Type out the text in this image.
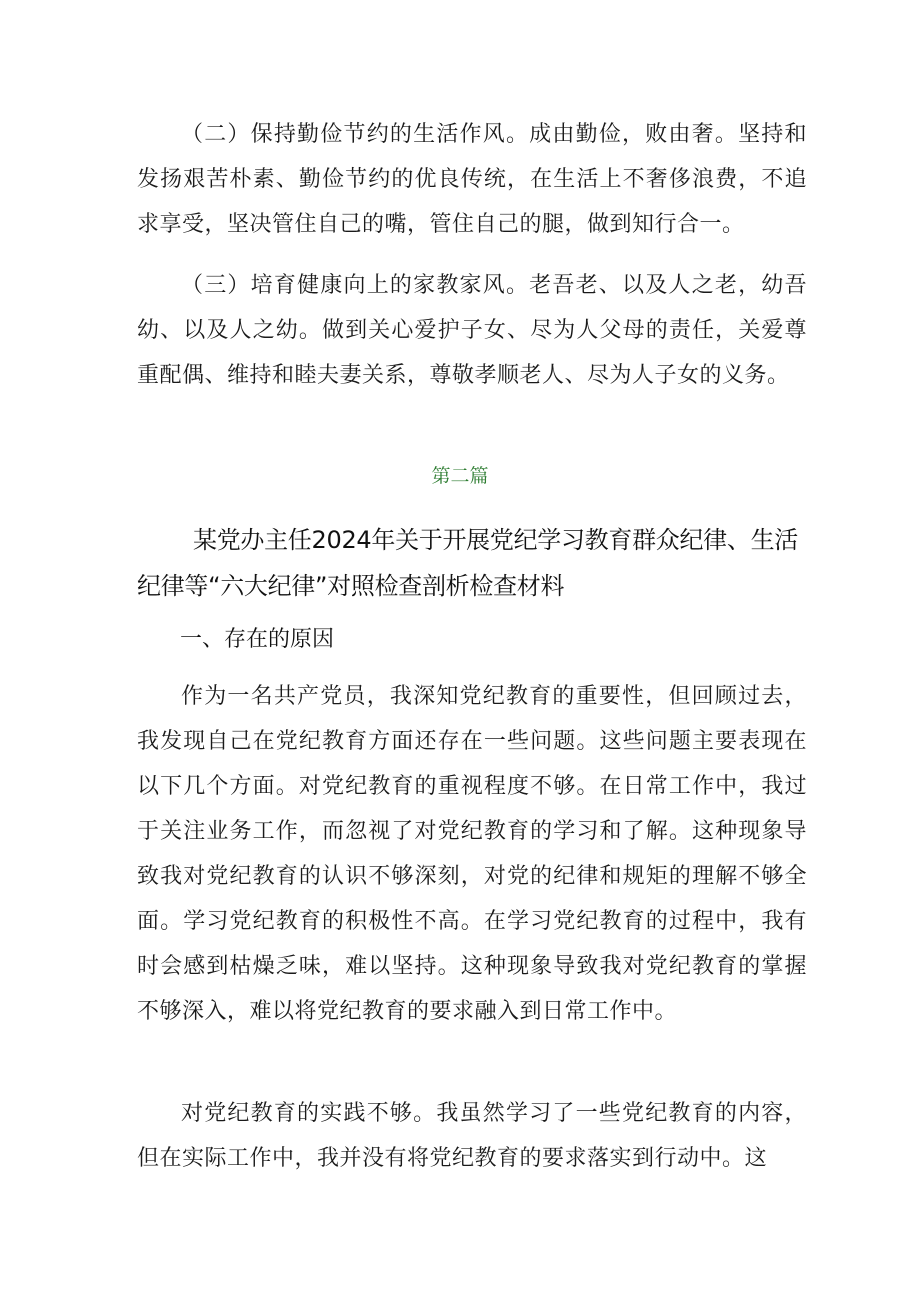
（二）保持勤俭节约的生活作风。成由勤俭，败由奢。坚持和发扬艰苦朴素、勤俭节约的优良传统，在生活上不奢侈浪费，不追求享受，坚决管住自己的嘴，管住自己的腿，做到知行合一。

（三）培育健康向上的家教家风。老吾老、以及人之老，幼吾幼、以及人之幼。做到关心爱护子女、尽为人父母的责任，关爱尊重配偶、维持和睦夫妻关系，尊敬孝顺老人、尽为人子女的义务。

第二篇

某党办主任2024年关于开展党纪学习教育群众纪律、生活纪律等“六大纪律”对照检查剖析检查材料
一、存在的原因

作为一名共产党员，我深知党纪教育的重要性，但回顾过去，我发现自己在党纪教育方面还存在一些问题。这些问题主要表现在以下几个方面。对党纪教育的重视程度不够。在日常工作中，我过于关注业务工作，而忽视了对党纪教育的学习和了解。这种现象导致我对党纪教育的认识不够深刻，对党的纪律和规矩的理解不够全面。学习党纪教育的积极性不高。在学习党纪教育的过程中，我有时会感到枯燥乏味，难以坚持。这种现象导致我对党纪教育的掌握不够深入，难以将党纪教育的要求融入到日常工作中。

对党纪教育的实践不够。我虽然学习了一些党纪教育的内容，但在实际工作中，我并没有将党纪教育的要求落实到行动中。这
